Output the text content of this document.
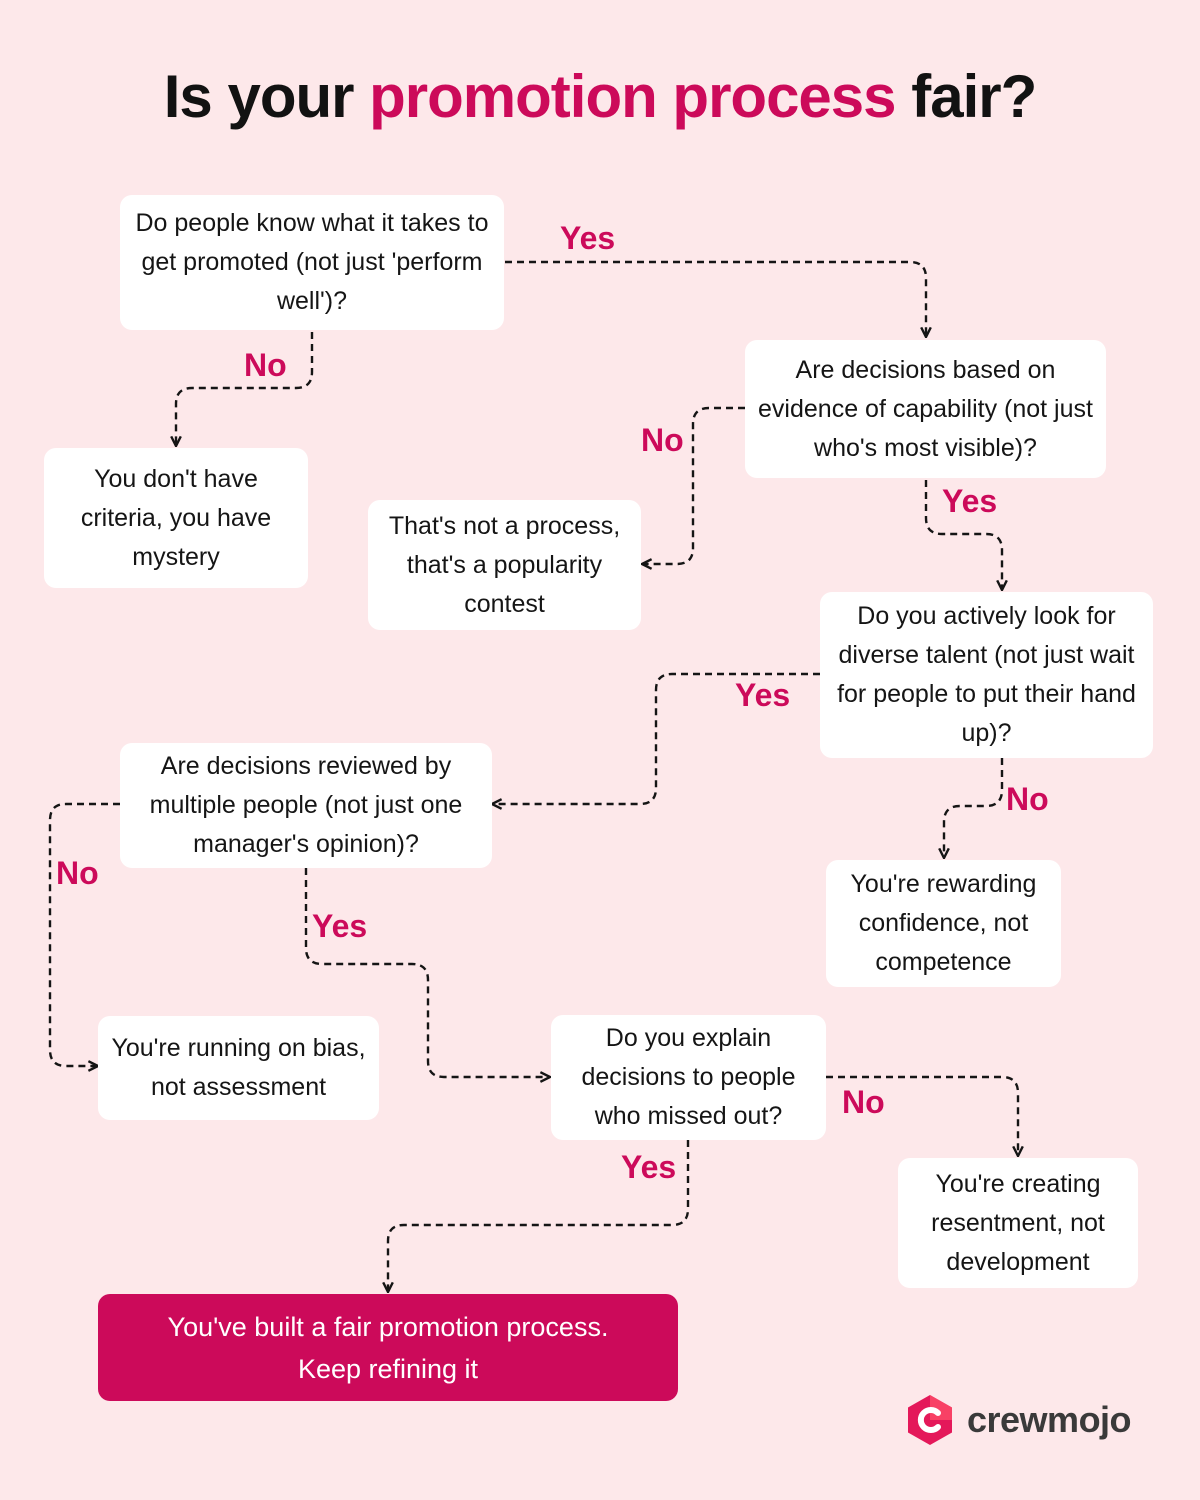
Is your promotion process fair?
Do people know what it takes to get promoted (not just 'perform well')?
You don't have criteria, you have mystery
Are decisions based on evidence of capability (not just who's most visible)?
That's not a process, that's a popularity contest	Do you actively look for diverse talent (not just wait for people to put their hand up)?
You're rewarding confidence, not competence
Are decisions reviewed by multiple people (not just one manager's opinion)?
You're running on bias, not assessment
Do you explain decisions to people who missed out?
You're creating resentment, not development
You've built a fair promotion process.
Keep refining it
Yes
No
No
Yes
Yes
No
No
Yes
No
Yes
crewmojo
